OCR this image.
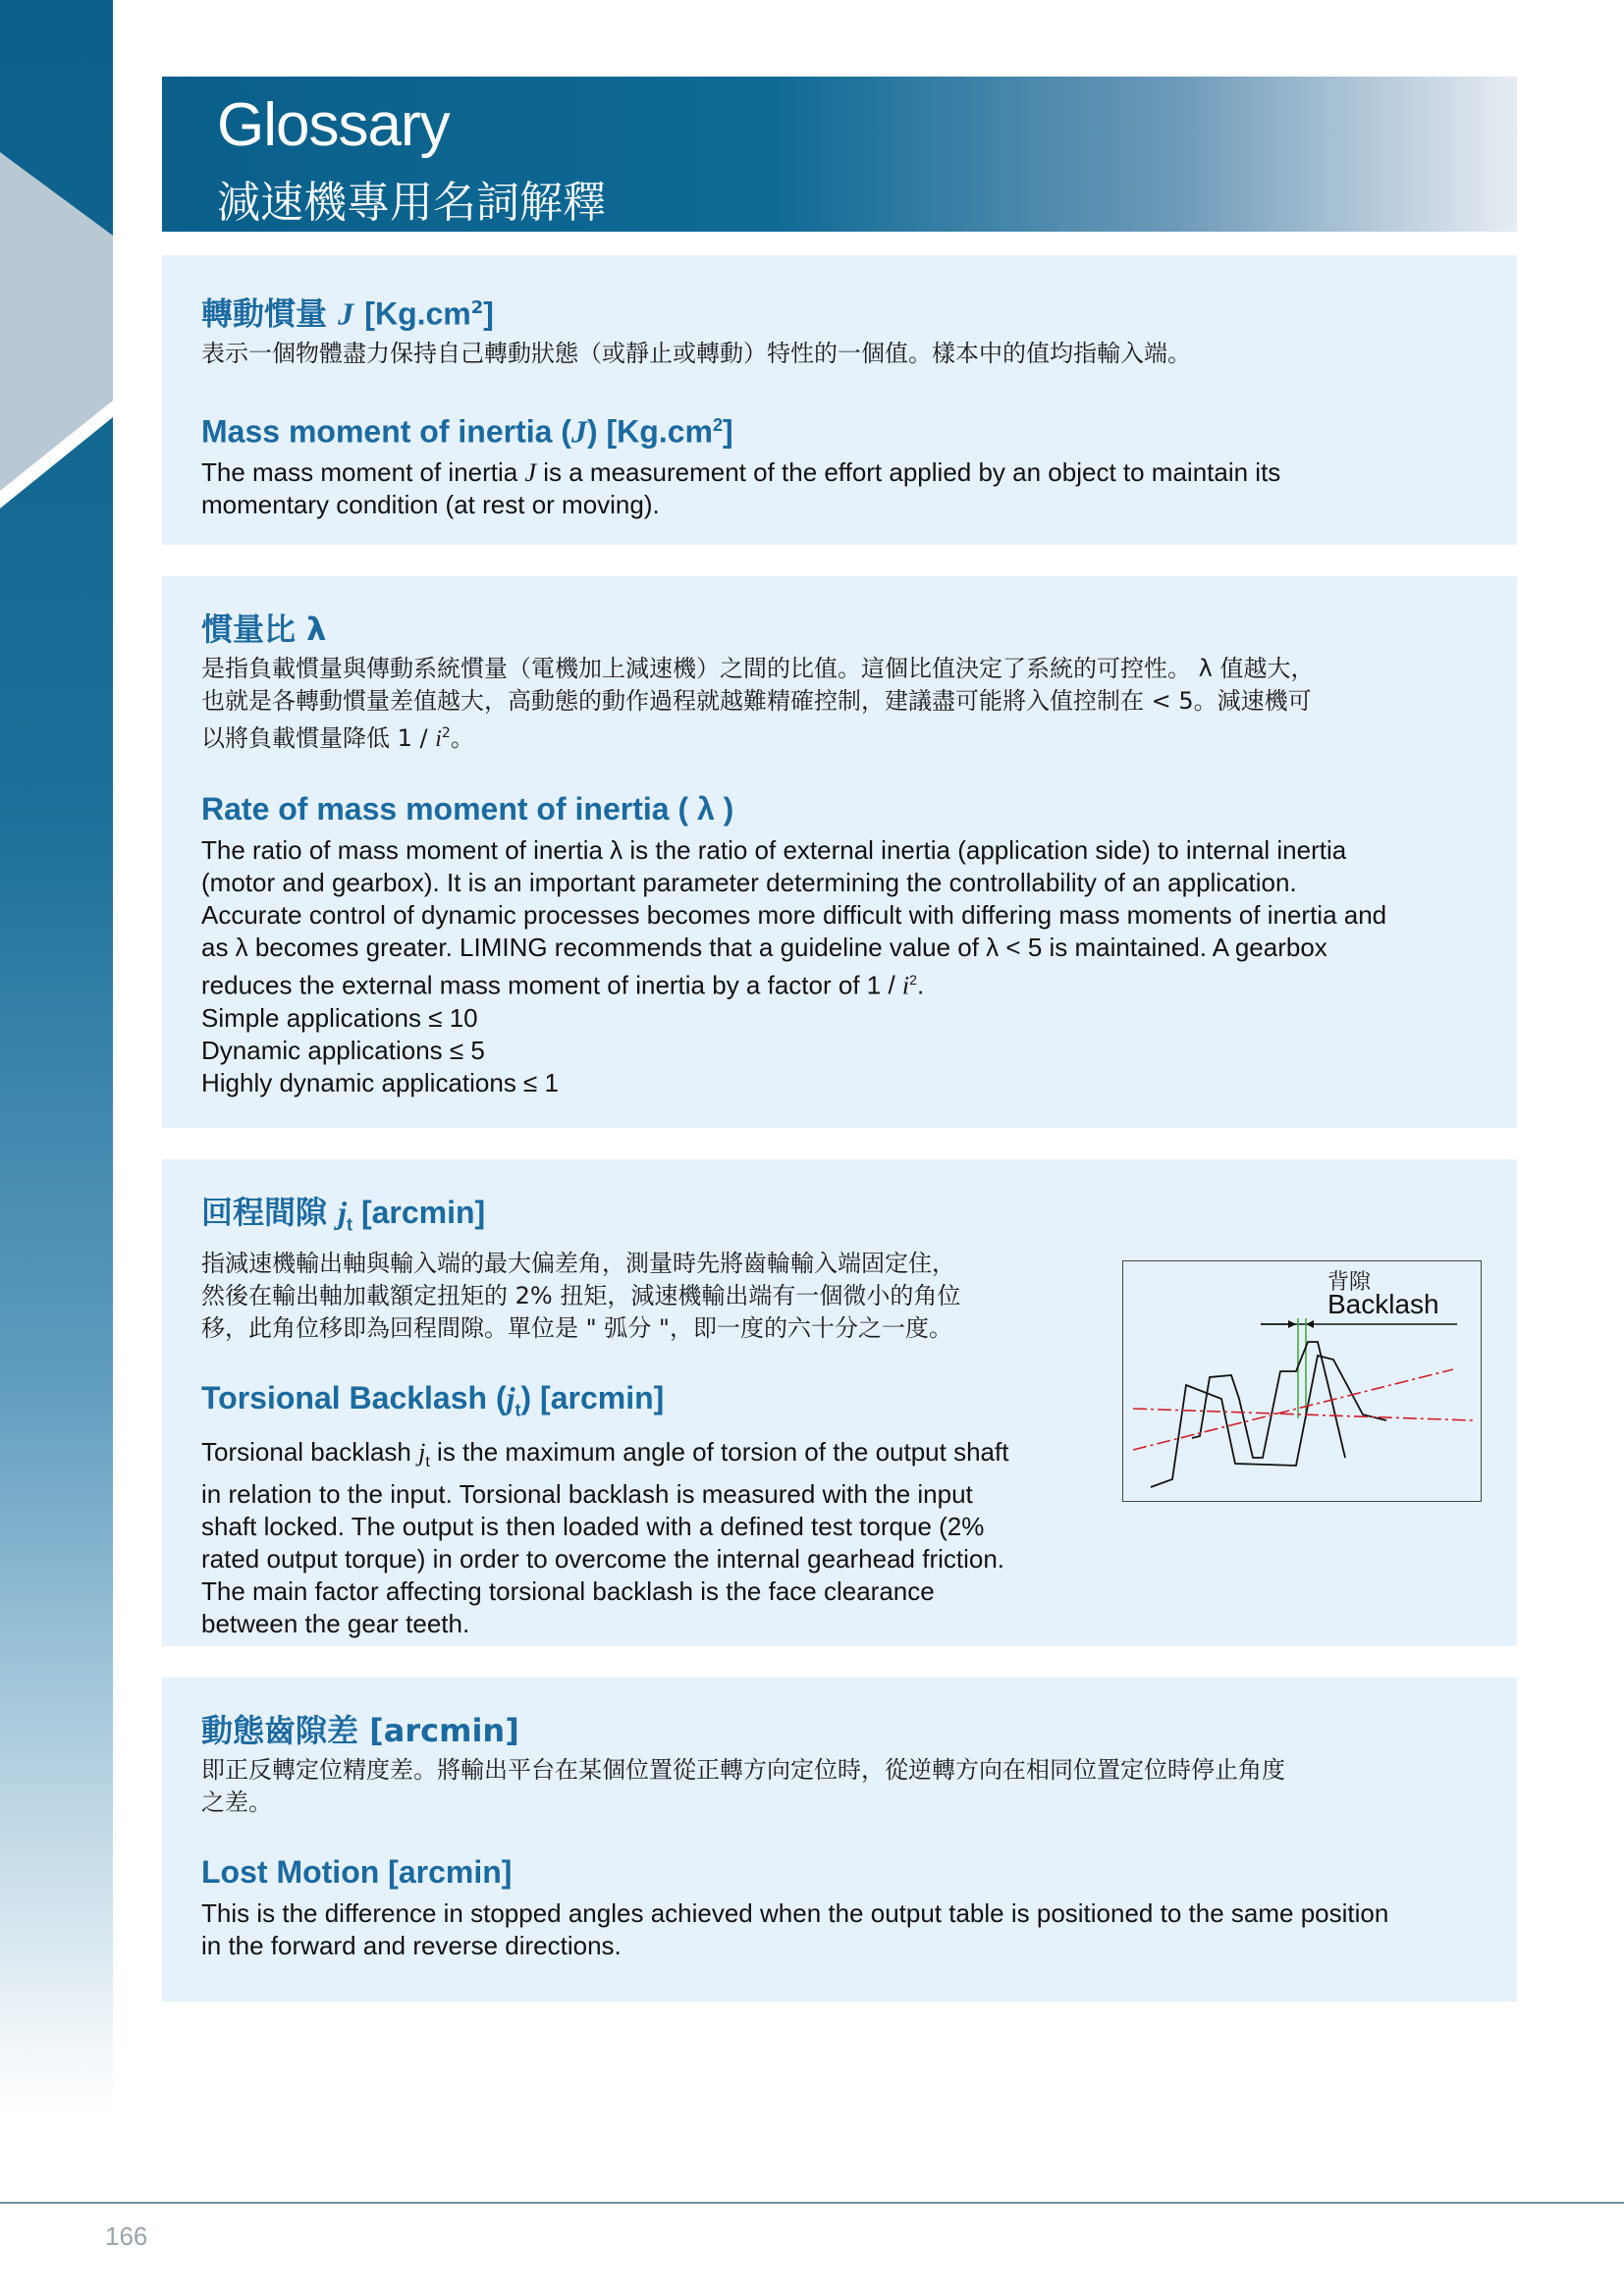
Glossary
減速機專用名詞解釋
轉動慣量 J $[Kg.cm^2]$

表示一個物體盡力保持自己轉動狀態（或靜止或轉動）特性的一個值。樣本中的值均指輸入端。

Mass moment of inertia (J) $[Kg.cm^2]$

The mass moment of inertia J is a measurement of the effort applied by an object to maintain its
momentary condition (at rest or moving).

慣量比 λ

是指負載慣量與傳動系統慣量（電機加上減速機）之間的比值。這個比值決定了系統的可控性。 λ 值越大，
也就是各轉動慣量差值越大，高動態的動作過程就越難精確控制，建議盡可能將入值控制在 < 5。減速機可
以將負載慣量降低 $1 / i^2$。

Rate of mass moment of inertia ( λ )

The ratio of mass moment of inertia λ is the ratio of external inertia (application side) to internal inertia
(motor and gearbox). It is an important parameter determining the controllability of an application.
Accurate control of dynamic processes becomes more difficult with differing mass moments of inertia and
as λ becomes greater. LIMING recommends that a guideline value of λ < 5 is maintained. A gearbox
reduces the external mass moment of inertia by a factor of $1 / i^2$.
Simple applications ≤ 10
Dynamic applications ≤ 5
Highly dynamic applications ≤ 1

回程間隙 $j_t$ [arcmin]

指減速機輸出軸與輸入端的最大偏差角，測量時先將齒輪輸入端固定住，
然後在輸出軸加載額定扭矩的 2% 扭矩，減速機輸出端有一個微小的角位
移，此角位移即為回程間隙。單位是 " 弧分 "，即一度的六十分之一度。

Torsional Backlash $(j_t)$ [arcmin]

Torsional backlash $j_t$ is the maximum angle of torsion of the output shaft
in relation to the input. Torsional backlash is measured with the input
shaft locked. The output is then loaded with a defined test torque (2%
rated output torque) in order to overcome the internal gearhead friction.
The main factor affecting torsional backlash is the face clearance
between the gear teeth.

背隙
Backlash
動態齒隙差 [arcmin]

即正反轉定位精度差。將輸出平台在某個位置從正轉方向定位時，從逆轉方向在相同位置定位時停止角度
之差。

Lost Motion [arcmin]

This is the difference in stopped angles achieved when the output table is positioned to the same position
in the forward and reverse directions.

166
